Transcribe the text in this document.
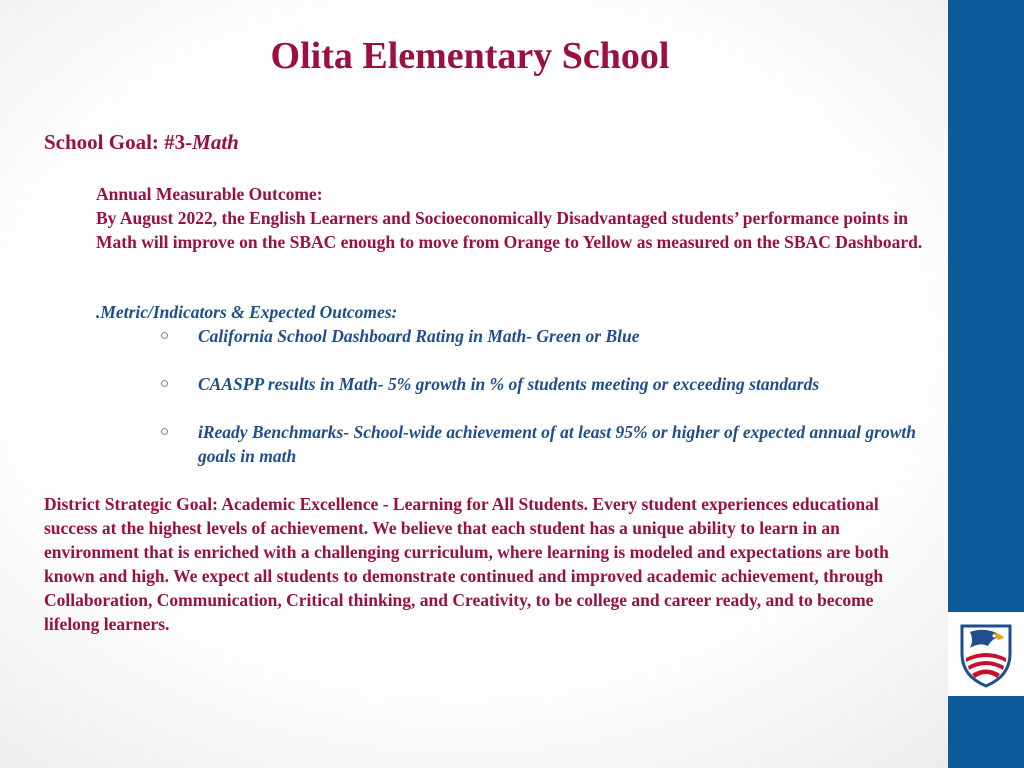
Olita Elementary School
School Goal: #3-Math
Annual Measurable Outcome:
By August 2022, the English Learners and Socioeconomically Disadvantaged students’ performance points in Math will improve on the SBAC enough to move from Orange to Yellow as measured on the SBAC Dashboard.
.Metric/Indicators & Expected Outcomes:
○ California School Dashboard Rating in Math- Green or Blue
○ CAASPP results in Math- 5% growth in % of students meeting or exceeding standards
○ iReady Benchmarks- School-wide achievement of at least 95% or higher of expected annual growth goals in math
District Strategic Goal: Academic Excellence - Learning for All Students. Every student experiences educational success at the highest levels of achievement. We believe that each student has a unique ability to learn in an environment that is enriched with a challenging curriculum, where learning is modeled and expectations are both known and high. We expect all students to demonstrate continued and improved academic achievement, through Collaboration, Communication, Critical thinking, and Creativity, to be college and career ready, and to become lifelong learners.
